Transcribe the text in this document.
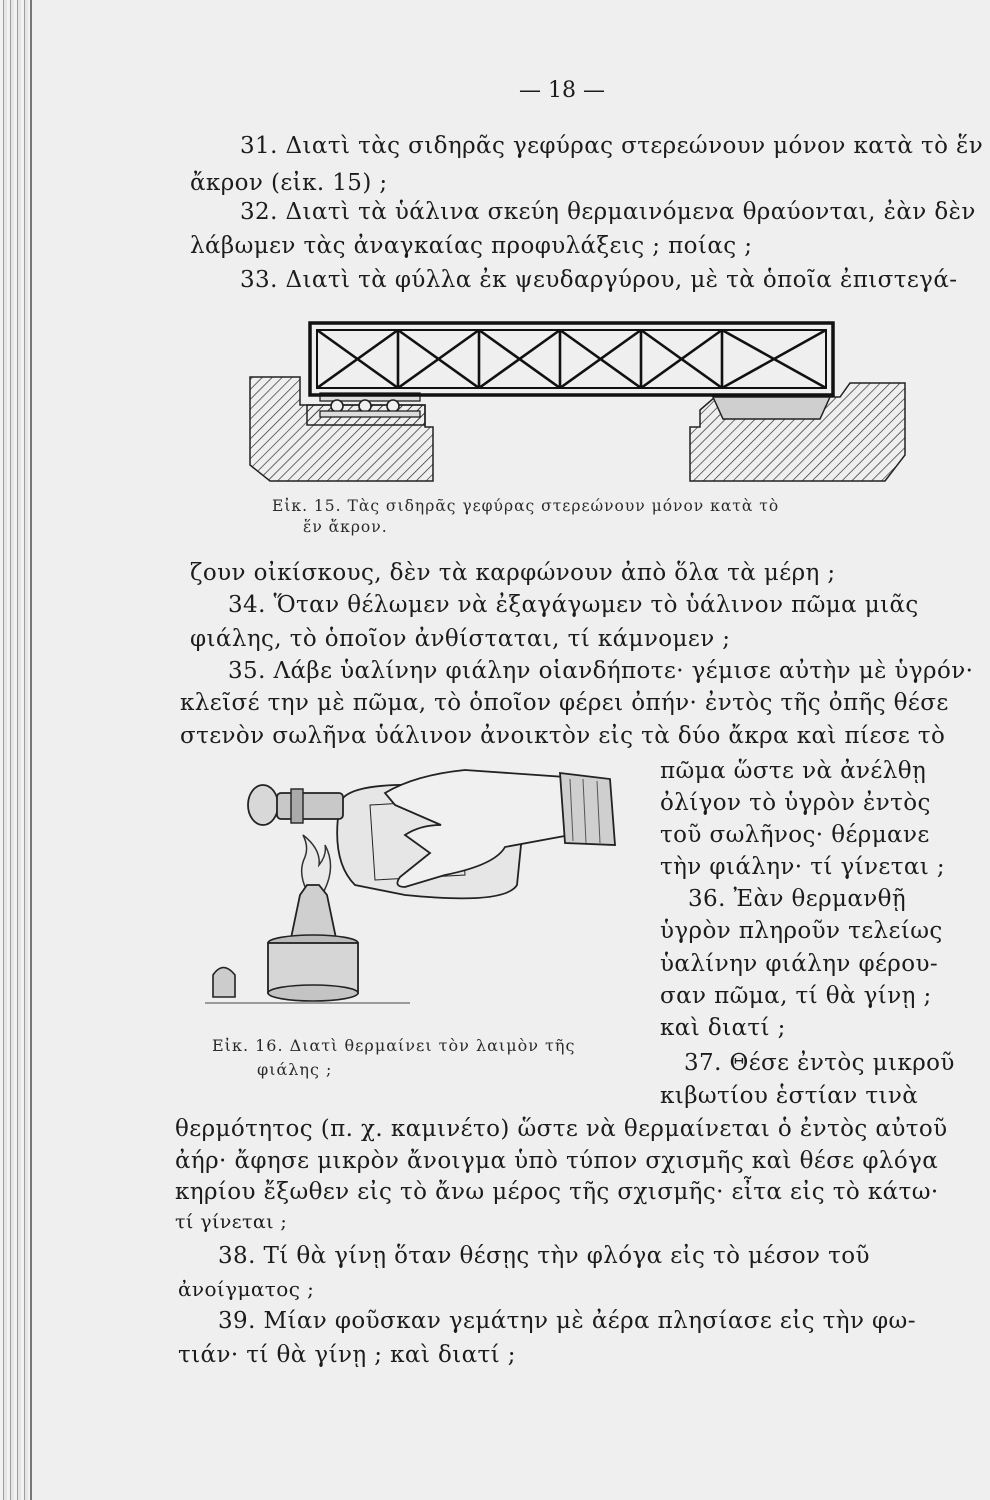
— 18 —
31. Διατὶ τὰς σιδηρᾶς γεφύρας στερεώνουν μόνον κατὰ τὸ ἕν
ἄκρον (εἰκ. 15) ;
32. Διατὶ τὰ ὑάλινα σκεύη θερμαινόμενα θραύονται, ἐὰν δὲν
λάβωμεν τὰς ἀναγκαίας προφυλάξεις ; ποίας ;
33. Διατὶ τὰ φύλλα ἐκ ψευδαργύρου, μὲ τὰ ὁποῖα ἐπιστεγά-
Εἰκ. 15. Τὰς σιδηρᾶς γεφύρας στερεώνουν μόνον κατὰ τὸ
ἕν ἄκρον.
ζουν οἰκίσκους, δὲν τὰ καρφώνουν ἀπὸ ὅλα τὰ μέρη ;
34. Ὅταν θέλωμεν νὰ ἐξαγάγωμεν τὸ ὑάλινον πῶμα μιᾶς
φιάλης, τὸ ὁποῖον ἀνθίσταται, τί κάμνομεν ;
35. Λάβε ὑαλίνην φιάλην οἱανδήποτε· γέμισε αὐτὴν μὲ ὑγρόν·
κλεῖσέ την μὲ πῶμα, τὸ ὁποῖον φέρει ὀπήν· ἐντὸς τῆς ὀπῆς θέσε
στενὸν σωλῆνα ὑάλινον ἀνοικτὸν εἰς τὰ δύο ἄκρα καὶ πίεσε τὸ
πῶμα ὥστε νὰ ἀνέλθῃ
ὀλίγον τὸ ὑγρὸν ἐντὸς
τοῦ σωλῆνος· θέρμανε
τὴν φιάλην· τί γίνεται ;
36. Ἐὰν θερμανθῇ
ὑγρὸν πληροῦν τελείως
ὑαλίνην φιάλην φέρου-
σαν πῶμα, τί θὰ γίνῃ ;
καὶ διατί ;
37. Θέσε ἐντὸς μικροῦ
κιβωτίου ἑστίαν τινὰ
Εἰκ. 16. Διατὶ θερμαίνει τὸν λαιμὸν τῆς
φιάλης ;
θερμότητος (π. χ. καμινέτο) ὥστε νὰ θερμαίνεται ὁ ἐντὸς αὐτοῦ
ἀήρ· ἄφησε μικρὸν ἄνοιγμα ὑπὸ τύπον σχισμῆς καὶ θέσε φλόγα
κηρίου ἔξωθεν εἰς τὸ ἄνω μέρος τῆς σχισμῆς· εἶτα εἰς τὸ κάτω·
τί γίνεται ;
38. Τί θὰ γίνῃ ὅταν θέσῃς τὴν φλόγα εἰς τὸ μέσον τοῦ
ἀνοίγματος ;
39. Μίαν φοῦσκαν γεμάτην μὲ ἀέρα πλησίασε εἰς τὴν φω-
τιάν· τί θὰ γίνῃ ; καὶ διατί ;
